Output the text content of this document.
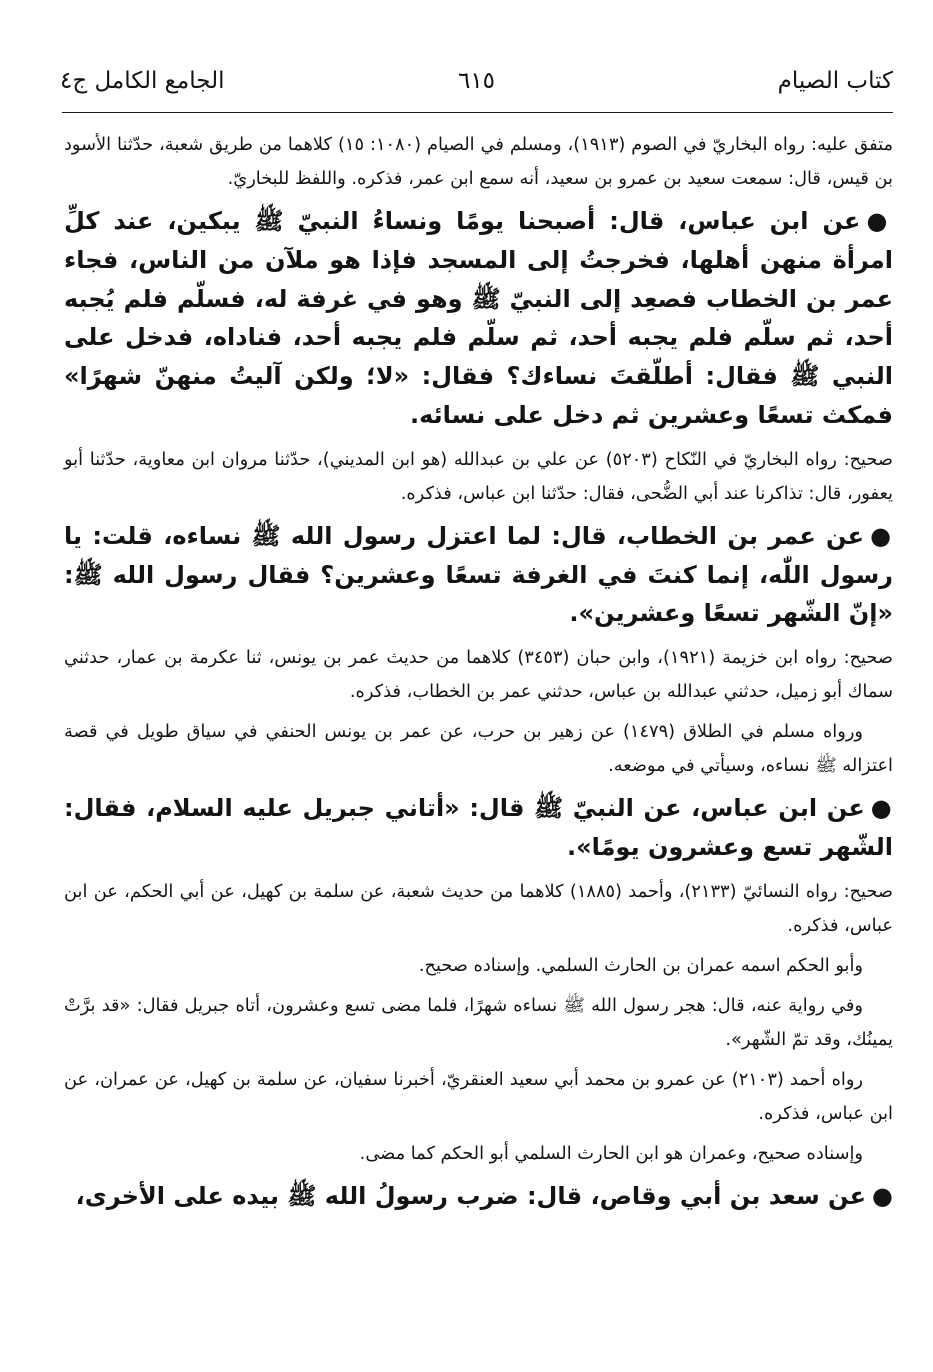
كتاب الصيام
٦١٥
الجامع الكامل ج٤

متفق عليه: رواه البخاريّ في الصوم (١٩١٣)، ومسلم في الصيام (١٠٨٠: ١٥) كلاهما من طريق شعبة، حدّثنا الأسود بن قيس، قال: سمعت سعيد بن عمرو بن سعيد، أنه سمع ابن عمر، فذكره. واللفظ للبخاريّ.

●عن ابن عباس، قال: أصبحنا يومًا ونساءُ النبيّ ﷺ يبكين، عند كلِّ امرأة منهن أهلها، فخرجتُ إلى المسجد فإذا هو ملآن من الناس، فجاء عمر بن الخطاب فصعِد إلى النبيّ ﷺ وهو في غرفة له، فسلّم فلم يُجبه أحد، ثم سلّم فلم يجبه أحد، ثم سلّم فلم يجبه أحد، فناداه، فدخل على النبي ﷺ فقال: أطلّقتَ نساءك؟ فقال: «لا؛ ولكن آليتُ منهنّ شهرًا» فمكث تسعًا وعشرين ثم دخل على نسائه.

صحيح: رواه البخاريّ في النّكاح (٥٢٠٣) عن علي بن عبدالله (هو ابن المديني)، حدّثنا مروان ابن معاوية، حدّثنا أبو يعفور، قال: تذاكرنا عند أبي الضُّحى، فقال: حدّثنا ابن عباس، فذكره.

●عن عمر بن الخطاب، قال: لما اعتزل رسول الله ﷺ نساءه، قلت: يا رسول اللّٰه، إنما كنتَ في الغرفة تسعًا وعشرين؟ فقال رسول الله ﷺ: «إنّ الشّهر تسعًا وعشرين».

صحيح: رواه ابن خزيمة (١٩٢١)، وابن حبان (٣٤٥٣) كلاهما من حديث عمر بن يونس، ثنا عكرمة بن عمار، حدثني سماك أبو زميل، حدثني عبدالله بن عباس، حدثني عمر بن الخطاب، فذكره.

ورواه مسلم في الطلاق (١٤٧٩) عن زهير بن حرب، عن عمر بن يونس الحنفي في سياق طويل في قصة اعتزاله ﷺ نساءه، وسيأتي في موضعه.

●عن ابن عباس، عن النبيّ ﷺ قال: «أتاني جبريل عليه السلام، فقال: الشّهر تسع وعشرون يومًا».

صحيح: رواه النسائيّ (٢١٣٣)، وأحمد (١٨٨٥) كلاهما من حديث شعبة، عن سلمة بن كهيل، عن أبي الحكم، عن ابن عباس، فذكره.

وأبو الحكم اسمه عمران بن الحارث السلمي. وإسناده صحيح.

وفي رواية عنه، قال: هجر رسول الله ﷺ نساءه شهرًا، فلما مضى تسع وعشرون، أتاه جبريل فقال: «قد برَّتْ يمينُك، وقد تمّ الشّهر».

رواه أحمد (٢١٠٣) عن عمرو بن محمد أبي سعيد العنقريّ، أخبرنا سفيان، عن سلمة بن كهيل، عن عمران، عن ابن عباس، فذكره.

وإسناده صحيح، وعمران هو ابن الحارث السلمي أبو الحكم كما مضى.

●عن سعد بن أبي وقاص، قال: ضرب رسولُ الله ﷺ بيده على الأخرى،
